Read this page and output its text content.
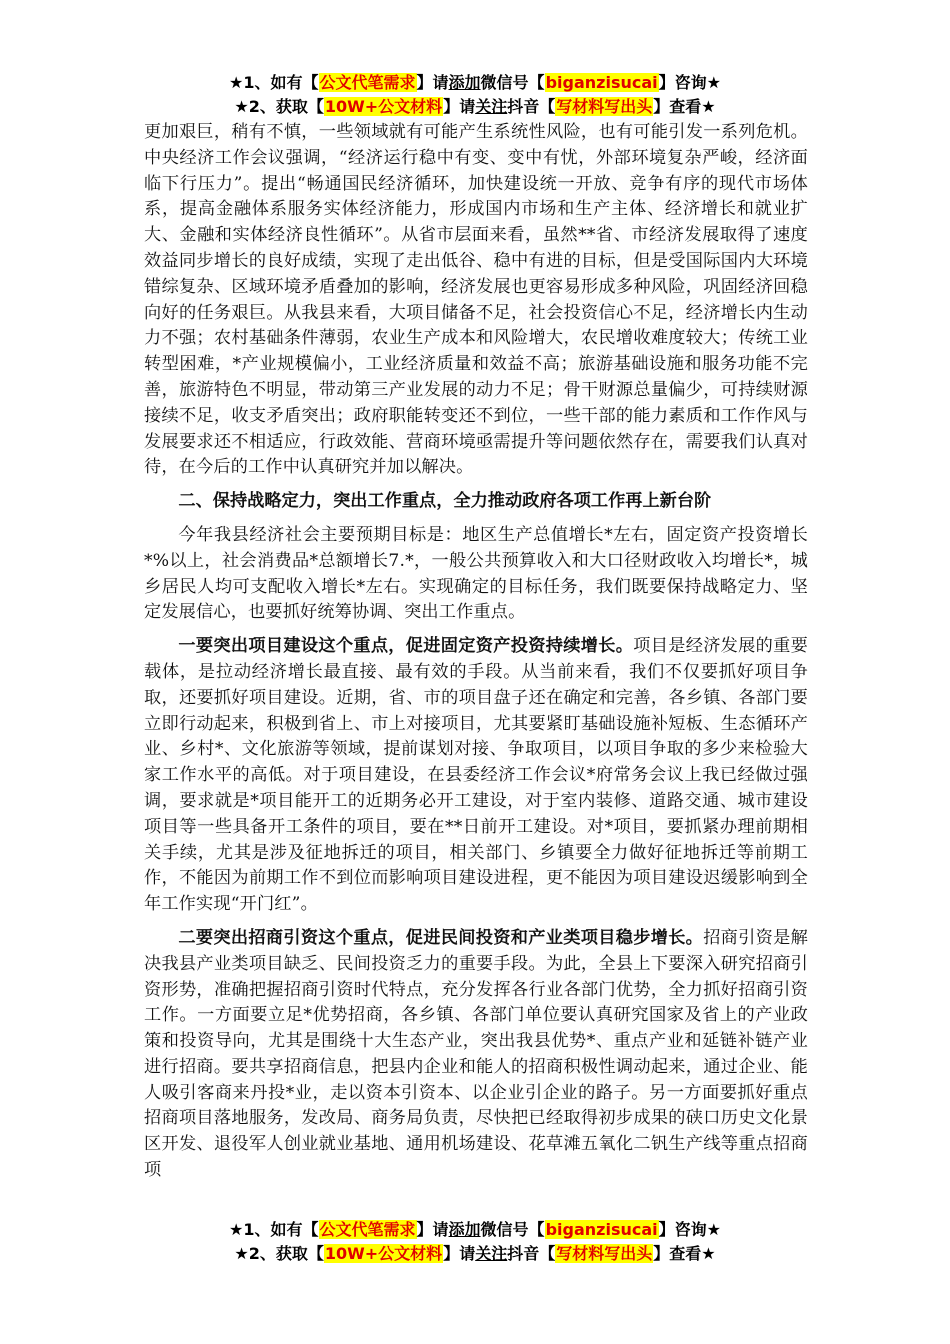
★1、如有【公文代笔需求】请添加微信号【biganzisucai】咨询★
★2、获取【10W+公文材料】请关注抖音【写材料写出头】查看★

更加艰巨，稍有不慎，一些领域就有可能产生系统性风险，也有可能引发一系列危机。中央经济工作会议强调，“经济运行稳中有变、变中有忧，外部环境复杂严峻，经济面临下行压力”。提出“畅通国民经济循环，加快建设统一开放、竞争有序的现代市场体系，提高金融体系服务实体经济能力，形成国内市场和生产主体、经济增长和就业扩大、金融和实体经济良性循环”。从省市层面来看，虽然**省、市经济发展取得了速度效益同步增长的良好成绩，实现了走出低谷、稳中有进的目标，但是受国际国内大环境错综复杂、区域环境矛盾叠加的影响，经济发展也更容易形成多种风险，巩固经济回稳向好的任务艰巨。从我县来看，大项目储备不足，社会投资信心不足，经济增长内生动力不强；农村基础条件薄弱，农业生产成本和风险增大，农民增收难度较大；传统工业转型困难，*产业规模偏小，工业经济质量和效益不高；旅游基础设施和服务功能不完善，旅游特色不明显，带动第三产业发展的动力不足；骨干财源总量偏少，可持续财源接续不足，收支矛盾突出；政府职能转变还不到位，一些干部的能力素质和工作作风与发展要求还不相适应，行政效能、营商环境亟需提升等问题依然存在，需要我们认真对待，在今后的工作中认真研究并加以解决。

二、保持战略定力，突出工作重点，全力推动政府各项工作再上新台阶

今年我县经济社会主要预期目标是：地区生产总值增长*左右，固定资产投资增长*%以上，社会消费品*总额增长7.*，一般公共预算收入和大口径财政收入均增长*，城乡居民人均可支配收入增长*左右。实现确定的目标任务，我们既要保持战略定力、坚定发展信心，也要抓好统筹协调、突出工作重点。

一要突出项目建设这个重点，促进固定资产投资持续增长。项目是经济发展的重要载体，是拉动经济增长最直接、最有效的手段。从当前来看，我们不仅要抓好项目争取，还要抓好项目建设。近期，省、市的项目盘子还在确定和完善，各乡镇、各部门要立即行动起来，积极到省上、市上对接项目，尤其要紧盯基础设施补短板、生态循环产业、乡村*、文化旅游等领域，提前谋划对接、争取项目，以项目争取的多少来检验大家工作水平的高低。对于项目建设，在县委经济工作会议*府常务会议上我已经做过强调，要求就是*项目能开工的近期务必开工建设，对于室内装修、道路交通、城市建设项目等一些具备开工条件的项目，要在**日前开工建设。对*项目，要抓紧办理前期相关手续，尤其是涉及征地拆迁的项目，相关部门、乡镇要全力做好征地拆迁等前期工作，不能因为前期工作不到位而影响项目建设进程，更不能因为项目建设迟缓影响到全年工作实现“开门红”。

二要突出招商引资这个重点，促进民间投资和产业类项目稳步增长。招商引资是解决我县产业类项目缺乏、民间投资乏力的重要手段。为此，全县上下要深入研究招商引资形势，准确把握招商引资时代特点，充分发挥各行业各部门优势，全力抓好招商引资工作。一方面要立足*优势招商，各乡镇、各部门单位要认真研究国家及省上的产业政策和投资导向，尤其是围绕十大生态产业，突出我县优势*、重点产业和延链补链产业进行招商。要共享招商信息，把县内企业和能人的招商积极性调动起来，通过企业、能人吸引客商来丹投*业，走以资本引资本、以企业引企业的路子。另一方面要抓好重点招商项目落地服务，发改局、商务局负责，尽快把已经取得初步成果的硖口历史文化景区开发、退役军人创业就业基地、通用机场建设、花草滩五氧化二钒生产线等重点招商项

★1、如有【公文代笔需求】请添加微信号【biganzisucai】咨询★
★2、获取【10W+公文材料】请关注抖音【写材料写出头】查看★
